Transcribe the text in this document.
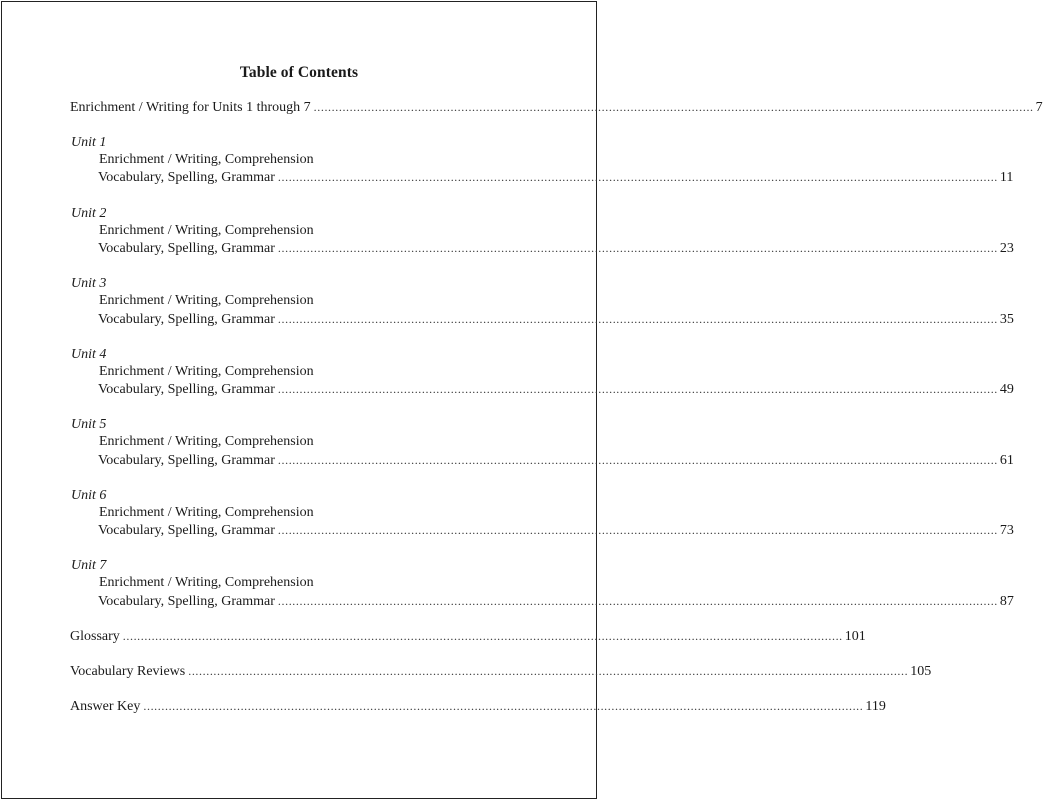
Table of Contents
Enrichment / Writing for Units 1 through 7 ........................................................................................................................................................................................................ 7
Unit 1
Enrichment / Writing, Comprehension
Vocabulary, Spelling, Grammar ........................................................................................................................................................................................................ 11
Unit 2
Enrichment / Writing, Comprehension
Vocabulary, Spelling, Grammar ........................................................................................................................................................................................................ 23
Unit 3
Enrichment / Writing, Comprehension
Vocabulary, Spelling, Grammar ........................................................................................................................................................................................................ 35
Unit 4
Enrichment / Writing, Comprehension
Vocabulary, Spelling, Grammar ........................................................................................................................................................................................................ 49
Unit 5
Enrichment / Writing, Comprehension
Vocabulary, Spelling, Grammar ........................................................................................................................................................................................................ 61
Unit 6
Enrichment / Writing, Comprehension
Vocabulary, Spelling, Grammar ........................................................................................................................................................................................................ 73
Unit 7
Enrichment / Writing, Comprehension
Vocabulary, Spelling, Grammar ........................................................................................................................................................................................................ 87
Glossary ........................................................................................................................................................................................................ 101
Vocabulary Reviews ........................................................................................................................................................................................................ 105
Answer Key ........................................................................................................................................................................................................ 119
